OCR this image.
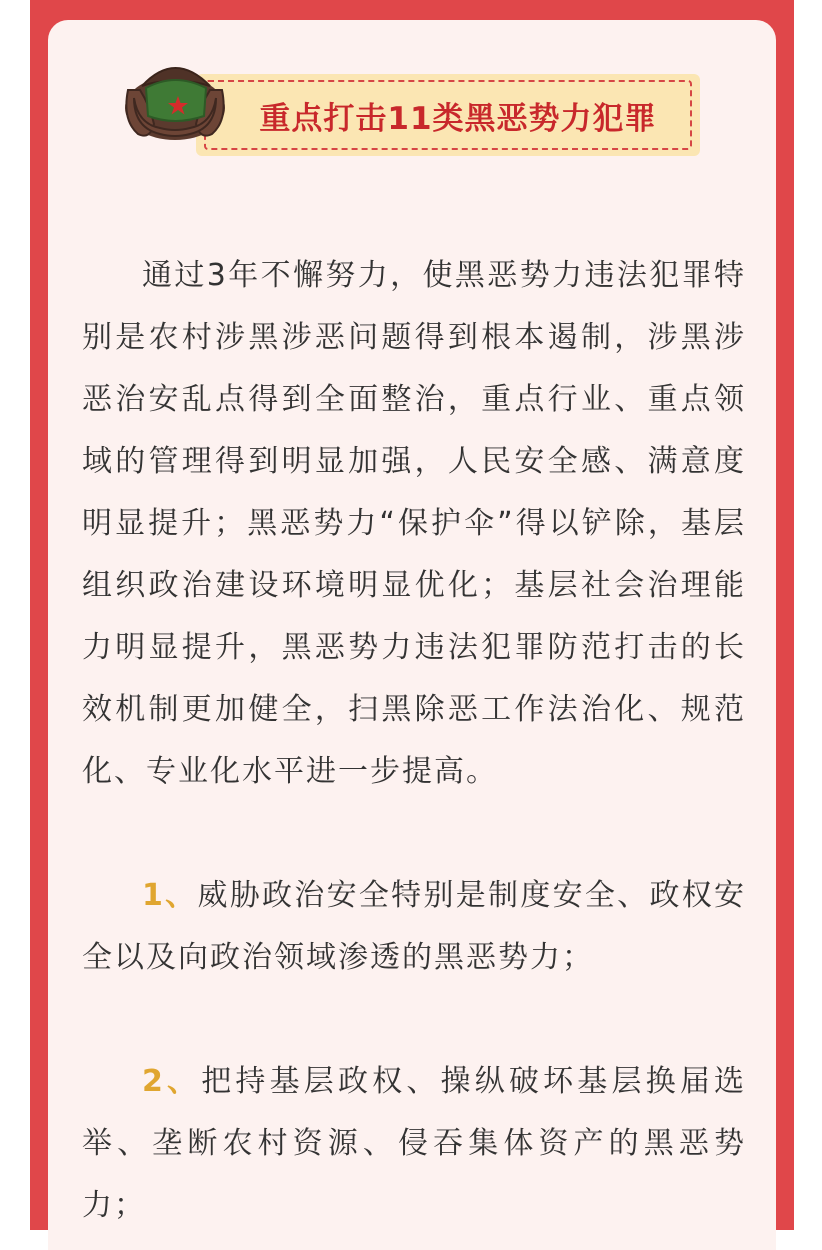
重点打击11类黑恶势力犯罪

通过3年不懈努力，使黑恶势力违法犯罪特别是农村涉黑涉恶问题得到根本遏制，涉黑涉恶治安乱点得到全面整治，重点行业、重点领域的管理得到明显加强，人民安全感、满意度明显提升；黑恶势力“保护伞”得以铲除，基层组织政治建设环境明显优化；基层社会治理能力明显提升，黑恶势力违法犯罪防范打击的长效机制更加健全，扫黑除恶工作法治化、规范化、专业化水平进一步提高。

1、威胁政治安全特别是制度安全、政权安全以及向政治领域渗透的黑恶势力；

2、把持基层政权、操纵破坏基层换届选举、垄断农村资源、侵吞集体资产的黑恶势力；
